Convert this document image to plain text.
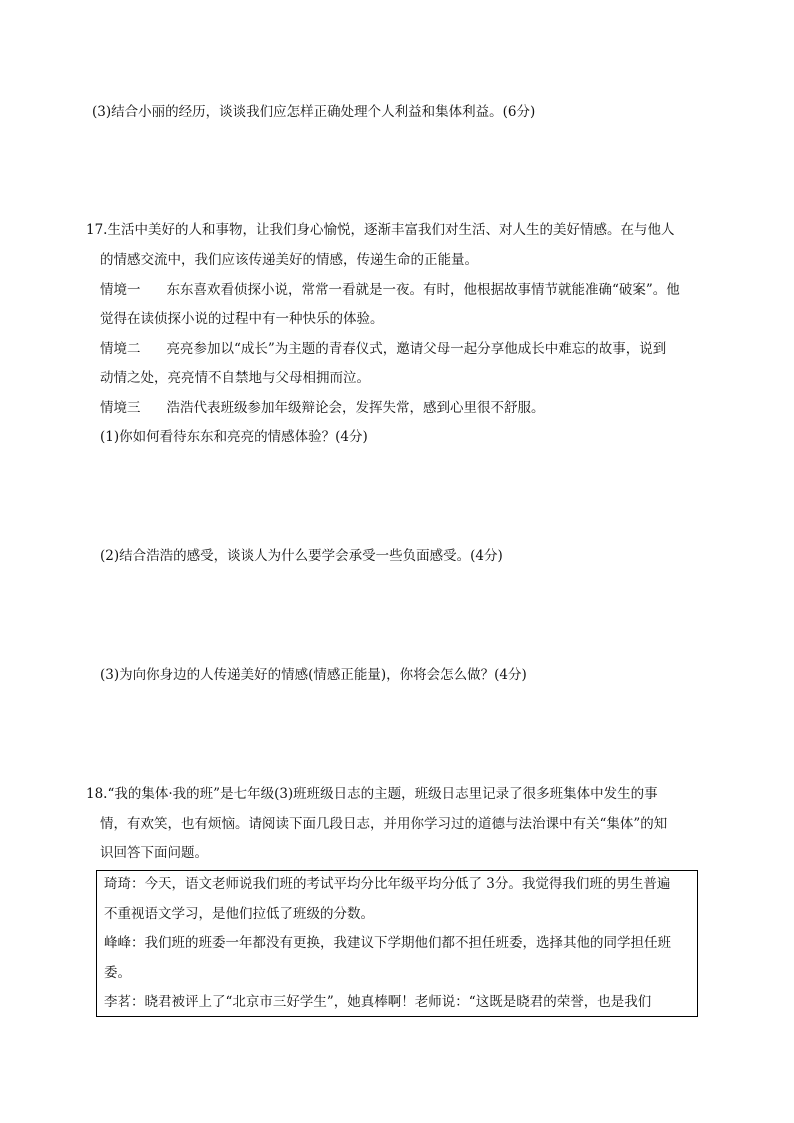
(3)结合小丽的经历，谈谈我们应怎样正确处理个人利益和集体利益。(6分)
17.生活中美好的人和事物，让我们身心愉悦，逐渐丰富我们对生活、对人生的美好情感。在与他人
的情感交流中，我们应该传递美好的情感，传递生命的正能量。
情境一 东东喜欢看侦探小说，常常一看就是一夜。有时，他根据故事情节就能准确“破案”。他
觉得在读侦探小说的过程中有一种快乐的体验。
情境二 亮亮参加以“成长”为主题的青春仪式，邀请父母一起分享他成长中难忘的故事，说到
动情之处，亮亮情不自禁地与父母相拥而泣。
情境三 浩浩代表班级参加年级辩论会，发挥失常，感到心里很不舒服。
(1)你如何看待东东和亮亮的情感体验？(4分)
(2)结合浩浩的感受，谈谈人为什么要学会承受一些负面感受。(4分)
(3)为向你身边的人传递美好的情感(情感正能量)，你将会怎么做？(4分)
18.“我的集体·我的班”是七年级(3)班班级日志的主题，班级日志里记录了很多班集体中发生的事
情，有欢笑，也有烦恼。请阅读下面几段日志，并用你学习过的道德与法治课中有关“集体”的知
识回答下面问题。
琦琦：今天，语文老师说我们班的考试平均分比年级平均分低了 3分。我觉得我们班的男生普遍
不重视语文学习，是他们拉低了班级的分数。
峰峰：我们班的班委一年都没有更换，我建议下学期他们都不担任班委，选择其他的同学担任班
委。
李茗：晓君被评上了“北京市三好学生”，她真棒啊！老师说：“这既是晓君的荣誉，也是我们
